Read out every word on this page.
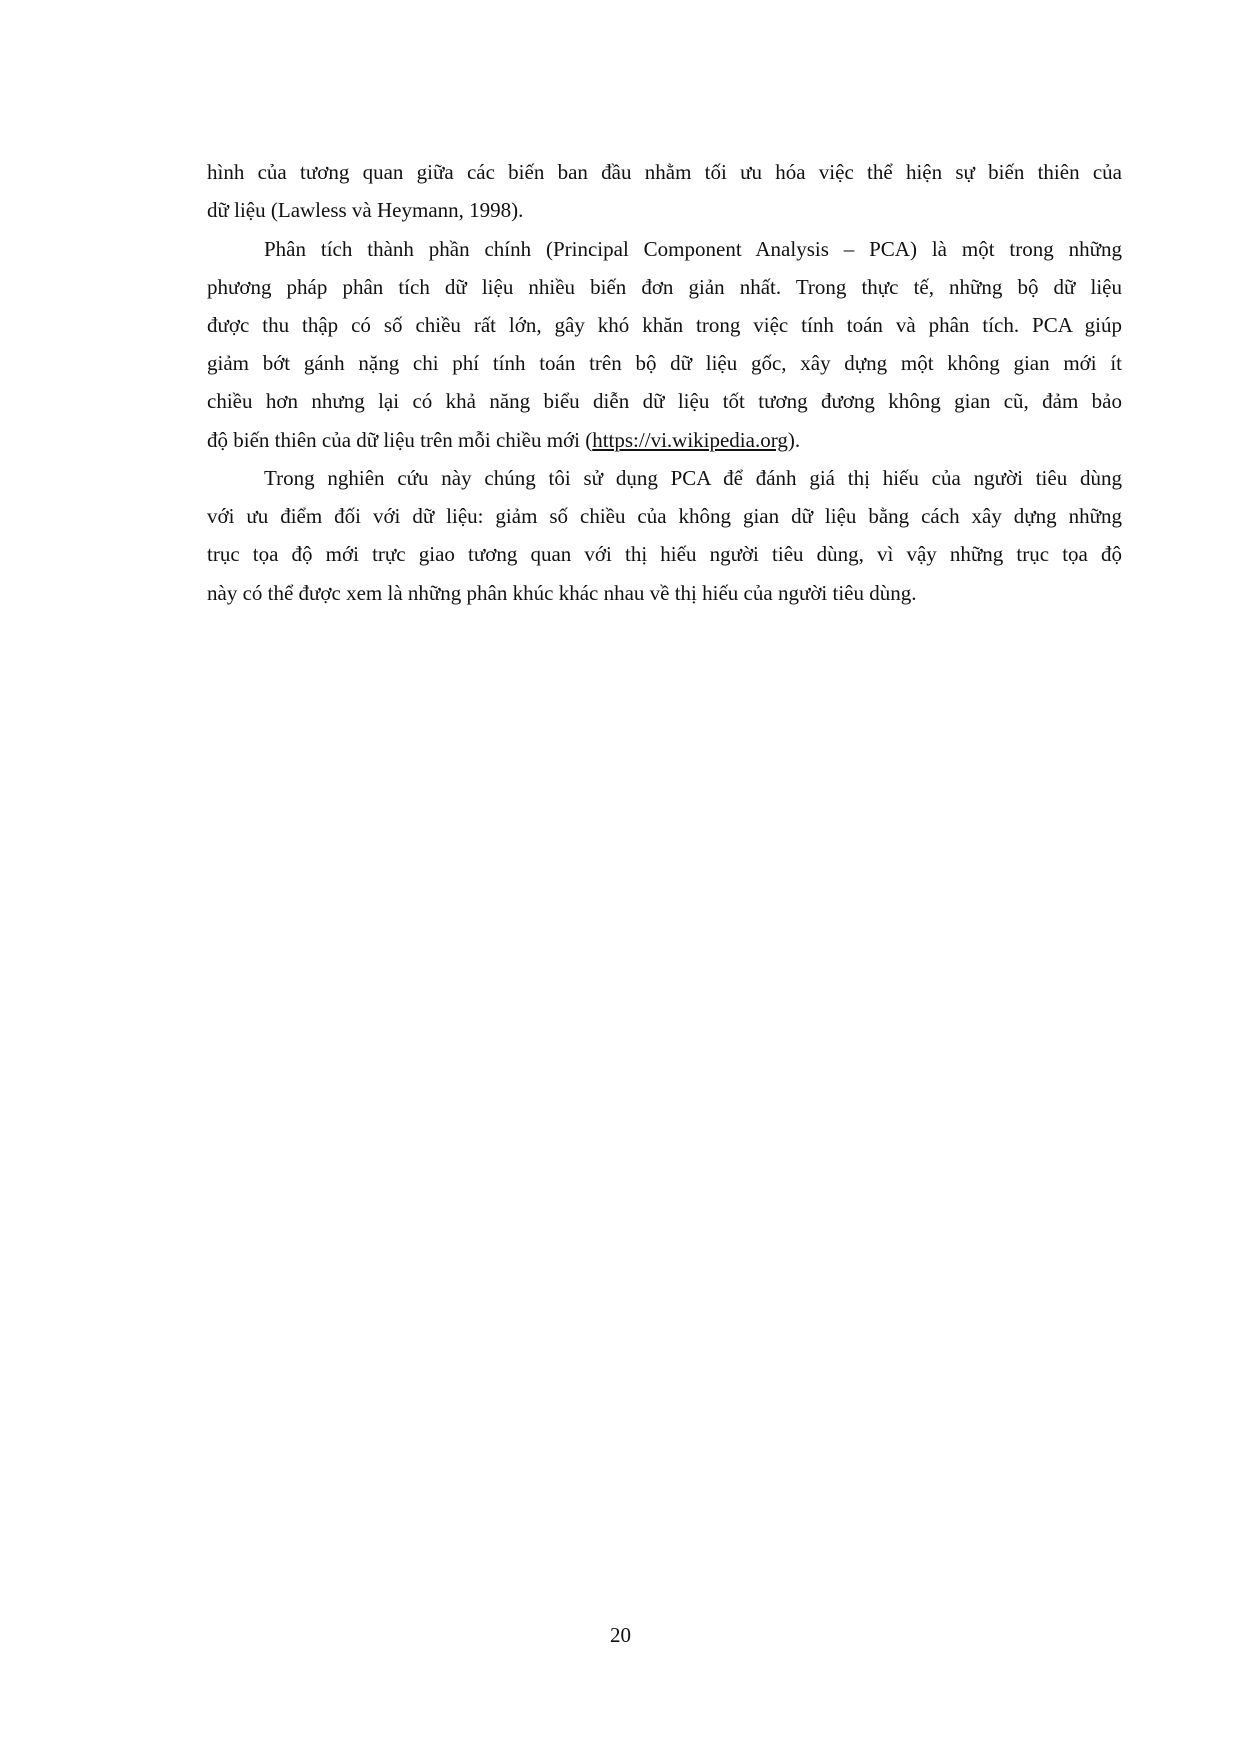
hình của tương quan giữa các biến ban đầu nhằm tối ưu hóa việc thể hiện sự biến thiên của

dữ liệu (Lawless và Heymann, 1998).

Phân tích thành phần chính (Principal Component Analysis – PCA) là một trong những

phương pháp phân tích dữ liệu nhiều biến đơn giản nhất. Trong thực tế, những bộ dữ liệu

được thu thập có số chiều rất lớn, gây khó khăn trong việc tính toán và phân tích. PCA giúp

giảm bớt gánh nặng chi phí tính toán trên bộ dữ liệu gốc, xây dựng một không gian mới ít

chiều hơn nhưng lại có khả năng biểu diễn dữ liệu tốt tương đương không gian cũ, đảm bảo

độ biến thiên của dữ liệu trên mỗi chiều mới (https://vi.wikipedia.org).

Trong nghiên cứu này chúng tôi sử dụng PCA để đánh giá thị hiếu của người tiêu dùng

với ưu điểm đối với dữ liệu: giảm số chiều của không gian dữ liệu bằng cách xây dựng những

trục tọa độ mới trực giao tương quan với thị hiếu người tiêu dùng, vì vậy những trục tọa độ

này có thể được xem là những phân khúc khác nhau về thị hiếu của người tiêu dùng.

20
